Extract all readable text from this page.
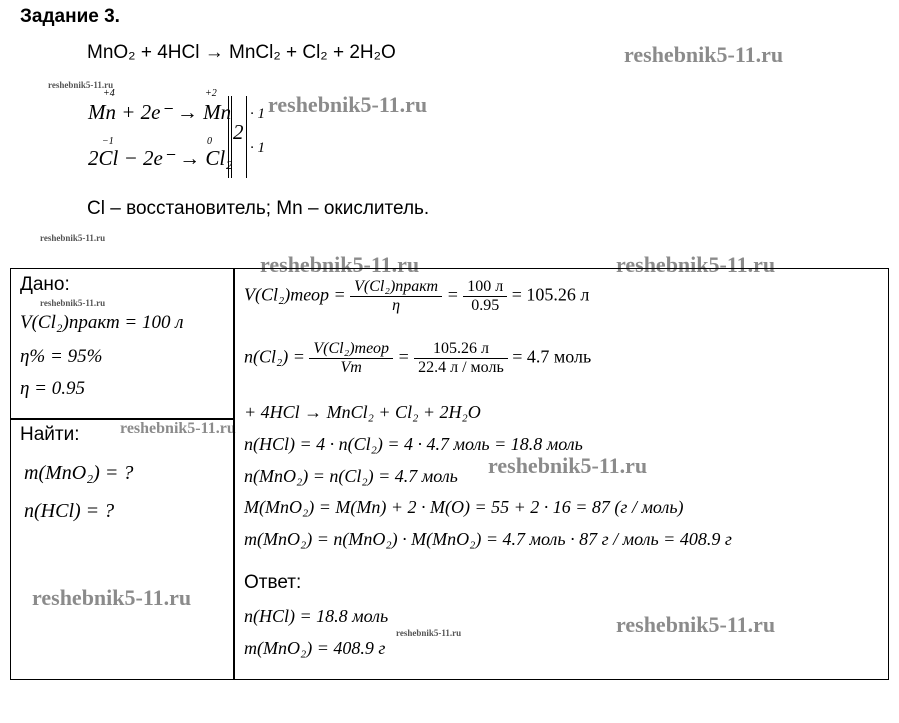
Задание 3.
MnO₂ + 4HCl → MnCl₂ + Cl₂ + 2H₂O	reshebnik5-11.ru
reshebnik5-11.ru
reshebnik5-11.ru
reshebnik5-11.ru
reshebnik5-11.ru	reshebnik5-11.ru
reshebnik5-11.ru
reshebnik5-11.ru
reshebnik5-11.ru
reshebnik5-11.ru
reshebnik5-11.ru
reshebnik5-11.ru
+4	+2
Mn + 2e⁻ → Mn
−1	0
2Cl − 2e⁻ → Cl₂
2
· 1
· 1
Cl – восстановитель; Mn – окислитель.
Дано:
V(Cl₂)практ = 100 л
η% = 95%
η = 0.95
Найти:
m(MnO₂) = ?
n(HCl) = ?
V(Cl₂)теор = $\frac{\text{V(Cl₂)практ}}{\eta} = \frac{100 л}{0.95} = 105.26$ л
$n(Cl_2) = \frac{\text{V(Cl₂)теор}}{Vm} = \frac{105.26 л}{\text{22.4 л / моль}} = 4.7$ моль
+ 4HCl → MnCl₂ + Cl₂ + 2H₂O
n(HCl) = 4 · n(Cl₂) = 4 · 4.7 моль = 18.8 моль
n(MnO₂) = n(Cl₂) = 4.7 моль
M(MnO₂) = M(Mn) + 2 · M(O) = 55 + 2 · 16 = 87 (г / моль)
m(MnO₂) = n(MnO₂) · M(MnO₂) = 4.7 моль · 87 г / моль = 408.9 г
Ответ:
n(HCl) = 18.8 моль
m(MnO₂) = 408.9 г
